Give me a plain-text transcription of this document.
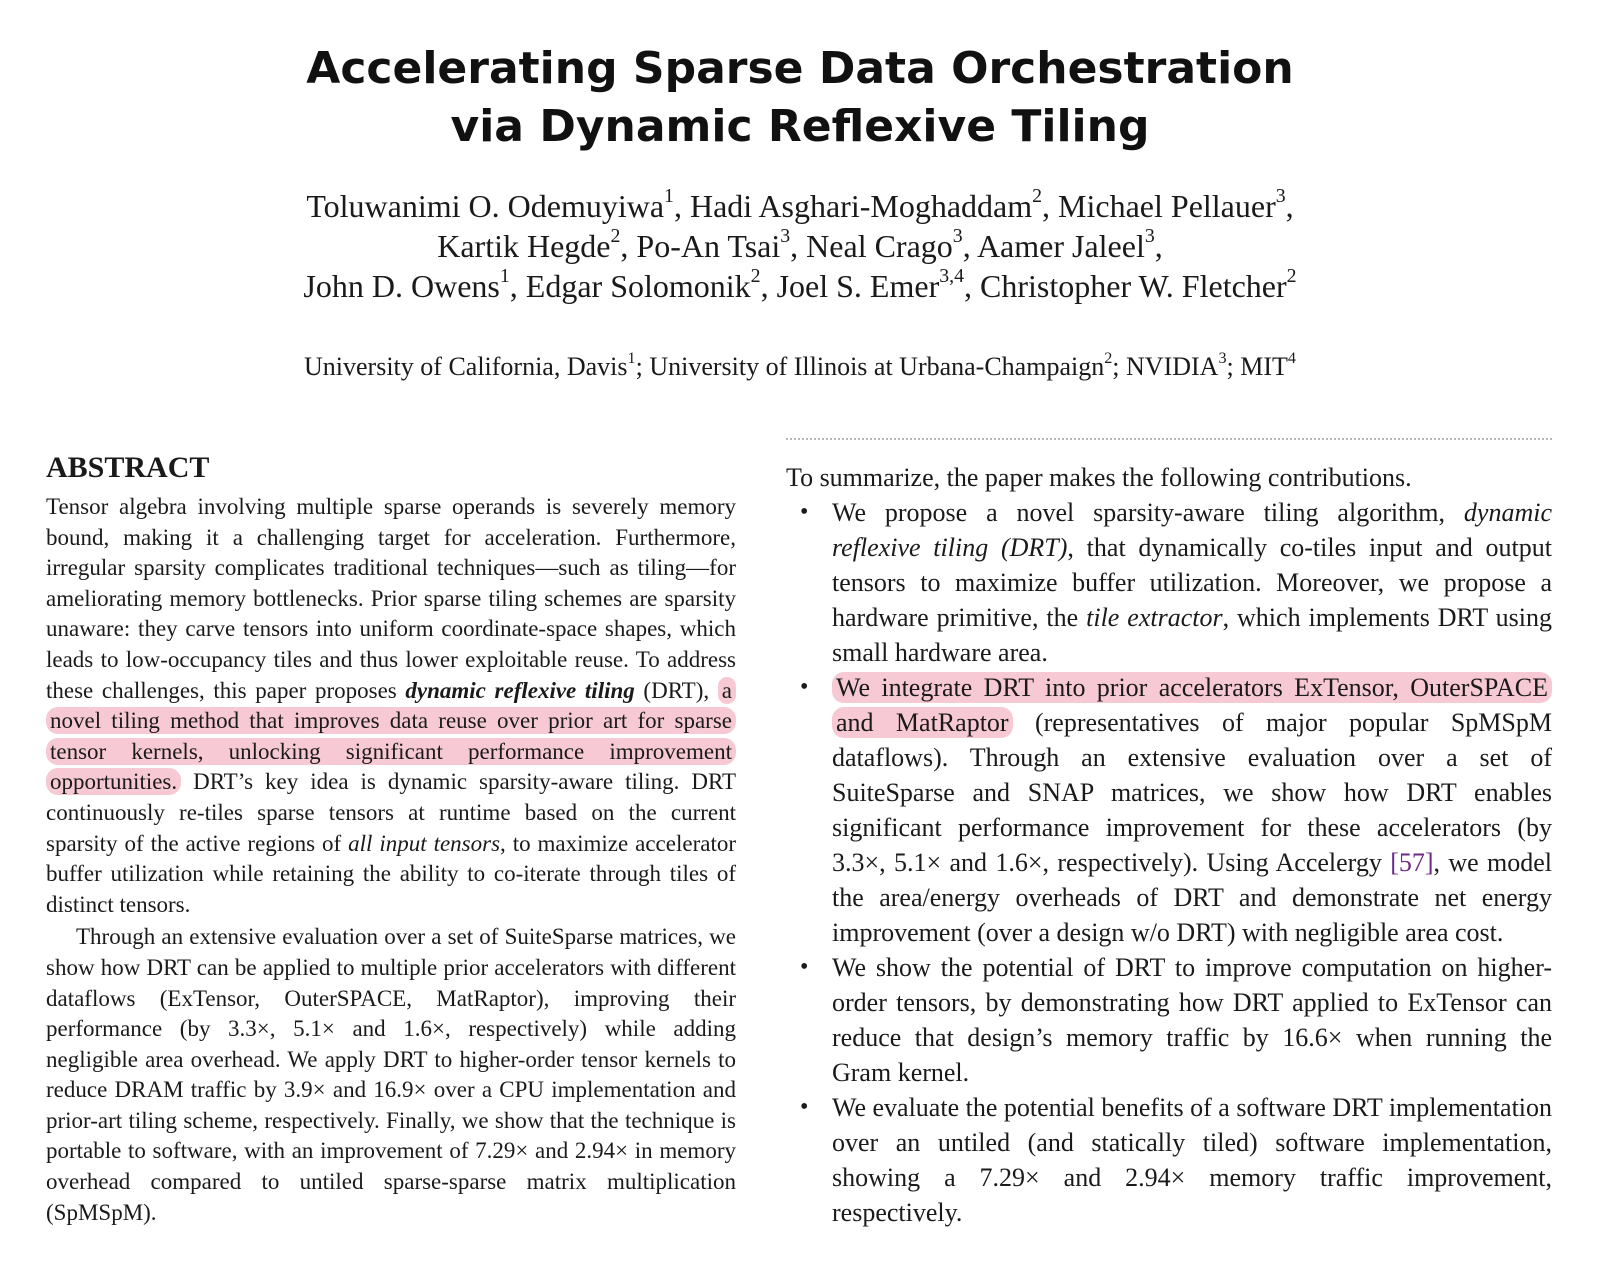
Accelerating Sparse Data Orchestration
via Dynamic Reflexive Tiling
Toluwanimi O. Odemuyiwa$^1$, Hadi Asghari-Moghaddam$^2$, Michael Pellauer$^3$,
Kartik Hegde$^2$, Po-An Tsai$^3$, Neal Crago$^3$, Aamer Jaleel$^3$,
John D. Owens$^1$, Edgar Solomonik$^2$, Joel S. Emer$^{3,4}$, Christopher W. Fletcher$^2$
University of California, Davis$^1$; University of Illinois at Urbana-Champaign$^2$; NVIDIA$^3$; MIT$^4$
ABSTRACT

Tensor algebra involving multiple sparse operands is severely memory bound, making it a challenging target for acceleration. Furthermore, irregular sparsity complicates traditional techniques—such as tiling—for ameliorating memory bottlenecks. Prior sparse tiling schemes are sparsity unaware: they carve tensors into uniform coordinate-space shapes, which leads to low-occupancy tiles and thus lower exploitable reuse. To address these challenges, this paper proposes dynamic reflexive tiling (DRT), a novel tiling method that improves data reuse over prior art for sparse tensor kernels, unlocking significant performance improvement opportunities. DRT’s key idea is dynamic sparsity-aware tiling. DRT continuously re-tiles sparse tensors at runtime based on the current sparsity of the active regions of all input tensors, to maximize accelerator buffer utilization while retaining the ability to co-iterate through tiles of distinct tensors.

Through an extensive evaluation over a set of SuiteSparse matrices, we show how DRT can be applied to multiple prior accelerators with different dataflows (ExTensor, OuterSPACE, MatRaptor), improving their performance (by 3.3×, 5.1× and 1.6×, respectively) while adding negligible area overhead. We apply DRT to higher-order tensor kernels to reduce DRAM traffic by 3.9× and 16.9× over a CPU implementation and prior-art tiling scheme, respectively. Finally, we show that the technique is portable to software, with an improvement of 7.29× and 2.94× in memory overhead compared to untiled sparse-sparse matrix multiplication (SpMSpM).

To summarize, the paper makes the following contributions.

• We propose a novel sparsity-aware tiling algorithm, dynamic reflexive tiling (DRT), that dynamically co-tiles input and output tensors to maximize buffer utilization. Moreover, we propose a hardware primitive, the tile extractor, which implements DRT using small hardware area.
• We integrate DRT into prior accelerators ExTensor, OuterSPACE and MatRaptor (representatives of major popular SpMSpM dataflows). Through an extensive evaluation over a set of SuiteSparse and SNAP matrices, we show how DRT enables significant performance improvement for these accelerators (by 3.3×, 5.1× and 1.6×, respectively). Using Accelergy [57], we model the area/energy overheads of DRT and demonstrate net energy improvement (over a design w/o DRT) with negligible area cost.
• We show the potential of DRT to improve computation on higher-order tensors, by demonstrating how DRT applied to ExTensor can reduce that design’s memory traffic by 16.6× when running the Gram kernel.
• We evaluate the potential benefits of a software DRT implementation over an untiled (and statically tiled) software implementation, showing a 7.29× and 2.94× memory traffic improvement, respectively.
